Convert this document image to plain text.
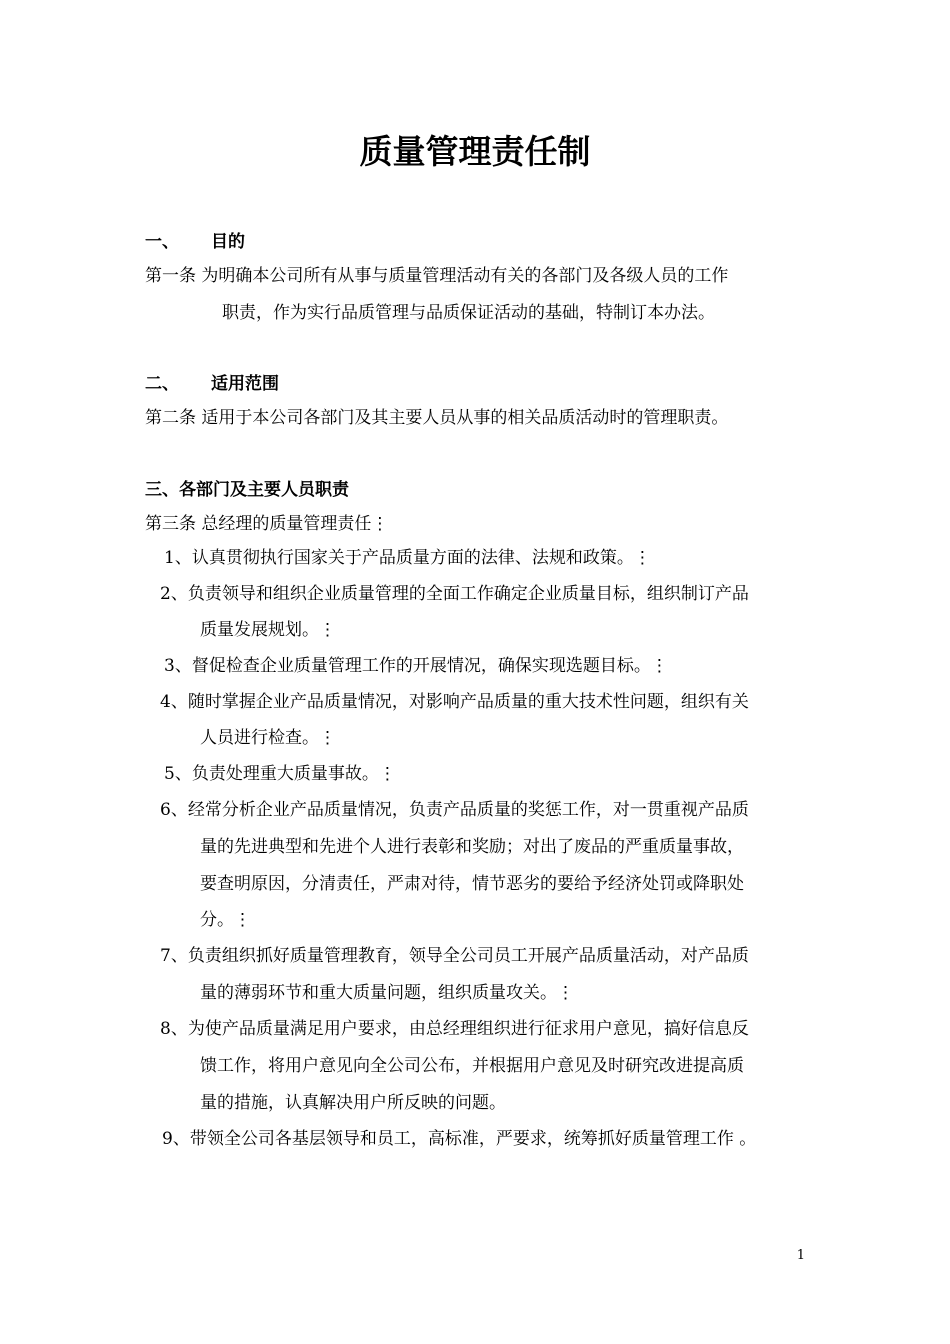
质量管理责任制
一、 目的
第一条 为明确本公司所有从事与质量管理活动有关的各部门及各级人员的工作
职责，作为实行品质管理与品质保证活动的基础，特制订本办法。
二、 适用范围
第二条 适用于本公司各部门及其主要人员从事的相关品质活动时的管理职责。
三、各部门及主要人员职责
第三条 总经理的质量管理责任⋮
1、认真贯彻执行国家关于产品质量方面的法律、法规和政策。⋮
2、负责领导和组织企业质量管理的全面工作确定企业质量目标，组织制订产品
质量发展规划。⋮
3、督促检查企业质量管理工作的开展情况，确保实现选题目标。⋮
4、随时掌握企业产品质量情况，对影响产品质量的重大技术性问题，组织有关
人员进行检查。⋮
5、负责处理重大质量事故。⋮
6、经常分析企业产品质量情况，负责产品质量的奖惩工作，对一贯重视产品质
量的先进典型和先进个人进行表彰和奖励；对出了废品的严重质量事故，
要查明原因，分清责任，严肃对待，情节恶劣的要给予经济处罚或降职处
分。⋮
7、负责组织抓好质量管理教育，领导全公司员工开展产品质量活动，对产品质
量的薄弱环节和重大质量问题，组织质量攻关。⋮
8、为使产品质量满足用户要求，由总经理组织进行征求用户意见，搞好信息反
馈工作，将用户意见向全公司公布，并根据用户意见及时研究改进提高质
量的措施，认真解决用户所反映的问题。
9、带领全公司各基层领导和员工，高标准，严要求，统筹抓好质量管理工作 。
1
